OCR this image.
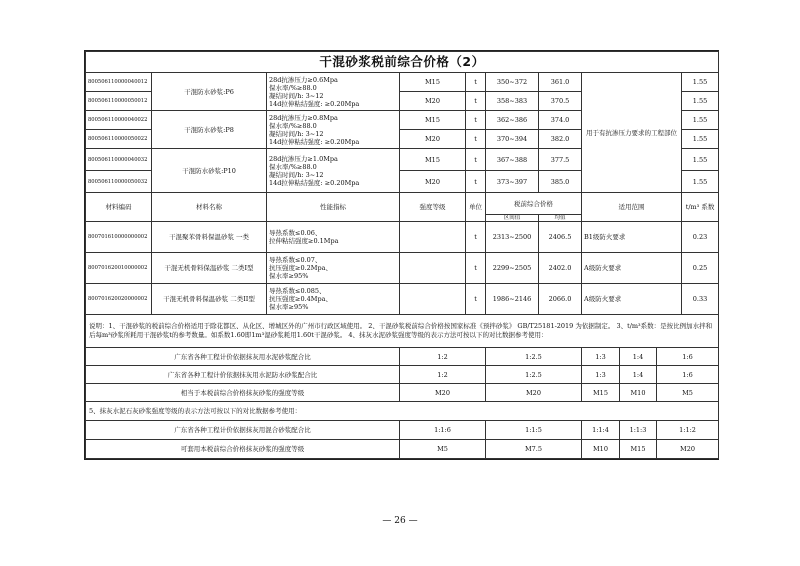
干混砂浆税前综合价格（2）										
800506110000040012	干混防水砂浆:P6	28d抗渗压力≥0.6Mpa
保水率/%≥88.0
凝结时间/h: 3~12
14d拉伸粘结强度: ≥0.20Mpa	M15	t	350~372	361.0	用于有抗渗压力要求的工程部位			1.55
800506110000050012			M20	t	358~383	370.5				1.55
800506110000040022	干混防水砂浆:P8	28d抗渗压力≥0.8Mpa
保水率/%≥88.0
凝结时间/h: 3~12
14d拉伸粘结强度: ≥0.20Mpa	M15	t	362~386	374.0				1.55
800506110000050022			M20	t	370~394	382.0				1.55
800506110000040032	干混防水砂浆:P10	28d抗渗压力≥1.0Mpa
保水率/%≥88.0
凝结时间/h: 3~12
14d拉伸粘结强度: ≥0.20Mpa	M15	t	367~388	377.5				1.55
800506110000050032			M20	t	373~397	385.0				1.55
材料编码	材料名称	性能指标	强度等级	单位	税前综合价格		适用范围			t/m³ 系数
					区间值	均值				
800701610000000002	干混聚苯骨料保温砂浆 一类	导热系数≤0.06、
拉伸粘结强度≥0.1Mpa		t	2313~2500	2406.5	B1级防火要求			0.23
800701620010000002	干混无机骨料保温砂浆 二类I型	导热系数≤0.07、
抗压强度≥0.2Mpa、
保水率≥95%		t	2299~2505	2402.0	A级防火要求			0.25
800701620020000002	干混无机骨料保温砂浆 二类II型	导热系数≤0.085、
抗压强度≥0.4Mpa、
保水率≥95%		t	1986~2146	2066.0	A级防火要求			0.33
说明：1、干混砂浆的税前综合价格适用于除花都区、从化区、增城区外的广州市行政区域使用。 2、干混砂浆税前综合价格按国家标准《预拌砂浆》 GB/T25181-2019 为依据制定。 3、t/m³系数：是按比例加水拌和后每m³砂浆所耗用干混砂浆t的参考数量。如系数1.60即1m³湿砂浆耗用1.60t干混砂浆。 4、抹灰水泥砂浆强度等级的表示方法可按以下的对比数据参考使用：										
广东省各种工程计价依据抹灰用水泥砂浆配合比			1:2		1:2.5		1:3	1:4	1:6	
广东省各种工程计价依据抹灰用水泥防水砂浆配合比			1:2		1:2.5		1:3	1:4	1:6	
相当于本税前综合价格抹灰砂浆的强度等级			M20		M20		M15	M10	M5	
5、抹灰水泥石灰砂浆强度等级的表示方法可按以下的对比数据参考使用：										
广东省各种工程计价依据抹灰用混合砂浆配合比			1:1:6		1:1:5		1:1:4	1:1:3	1:1:2	
可套用本税前综合价格抹灰砂浆的强度等级			M5		M7.5		M10	M15	M20	
— 26 —
